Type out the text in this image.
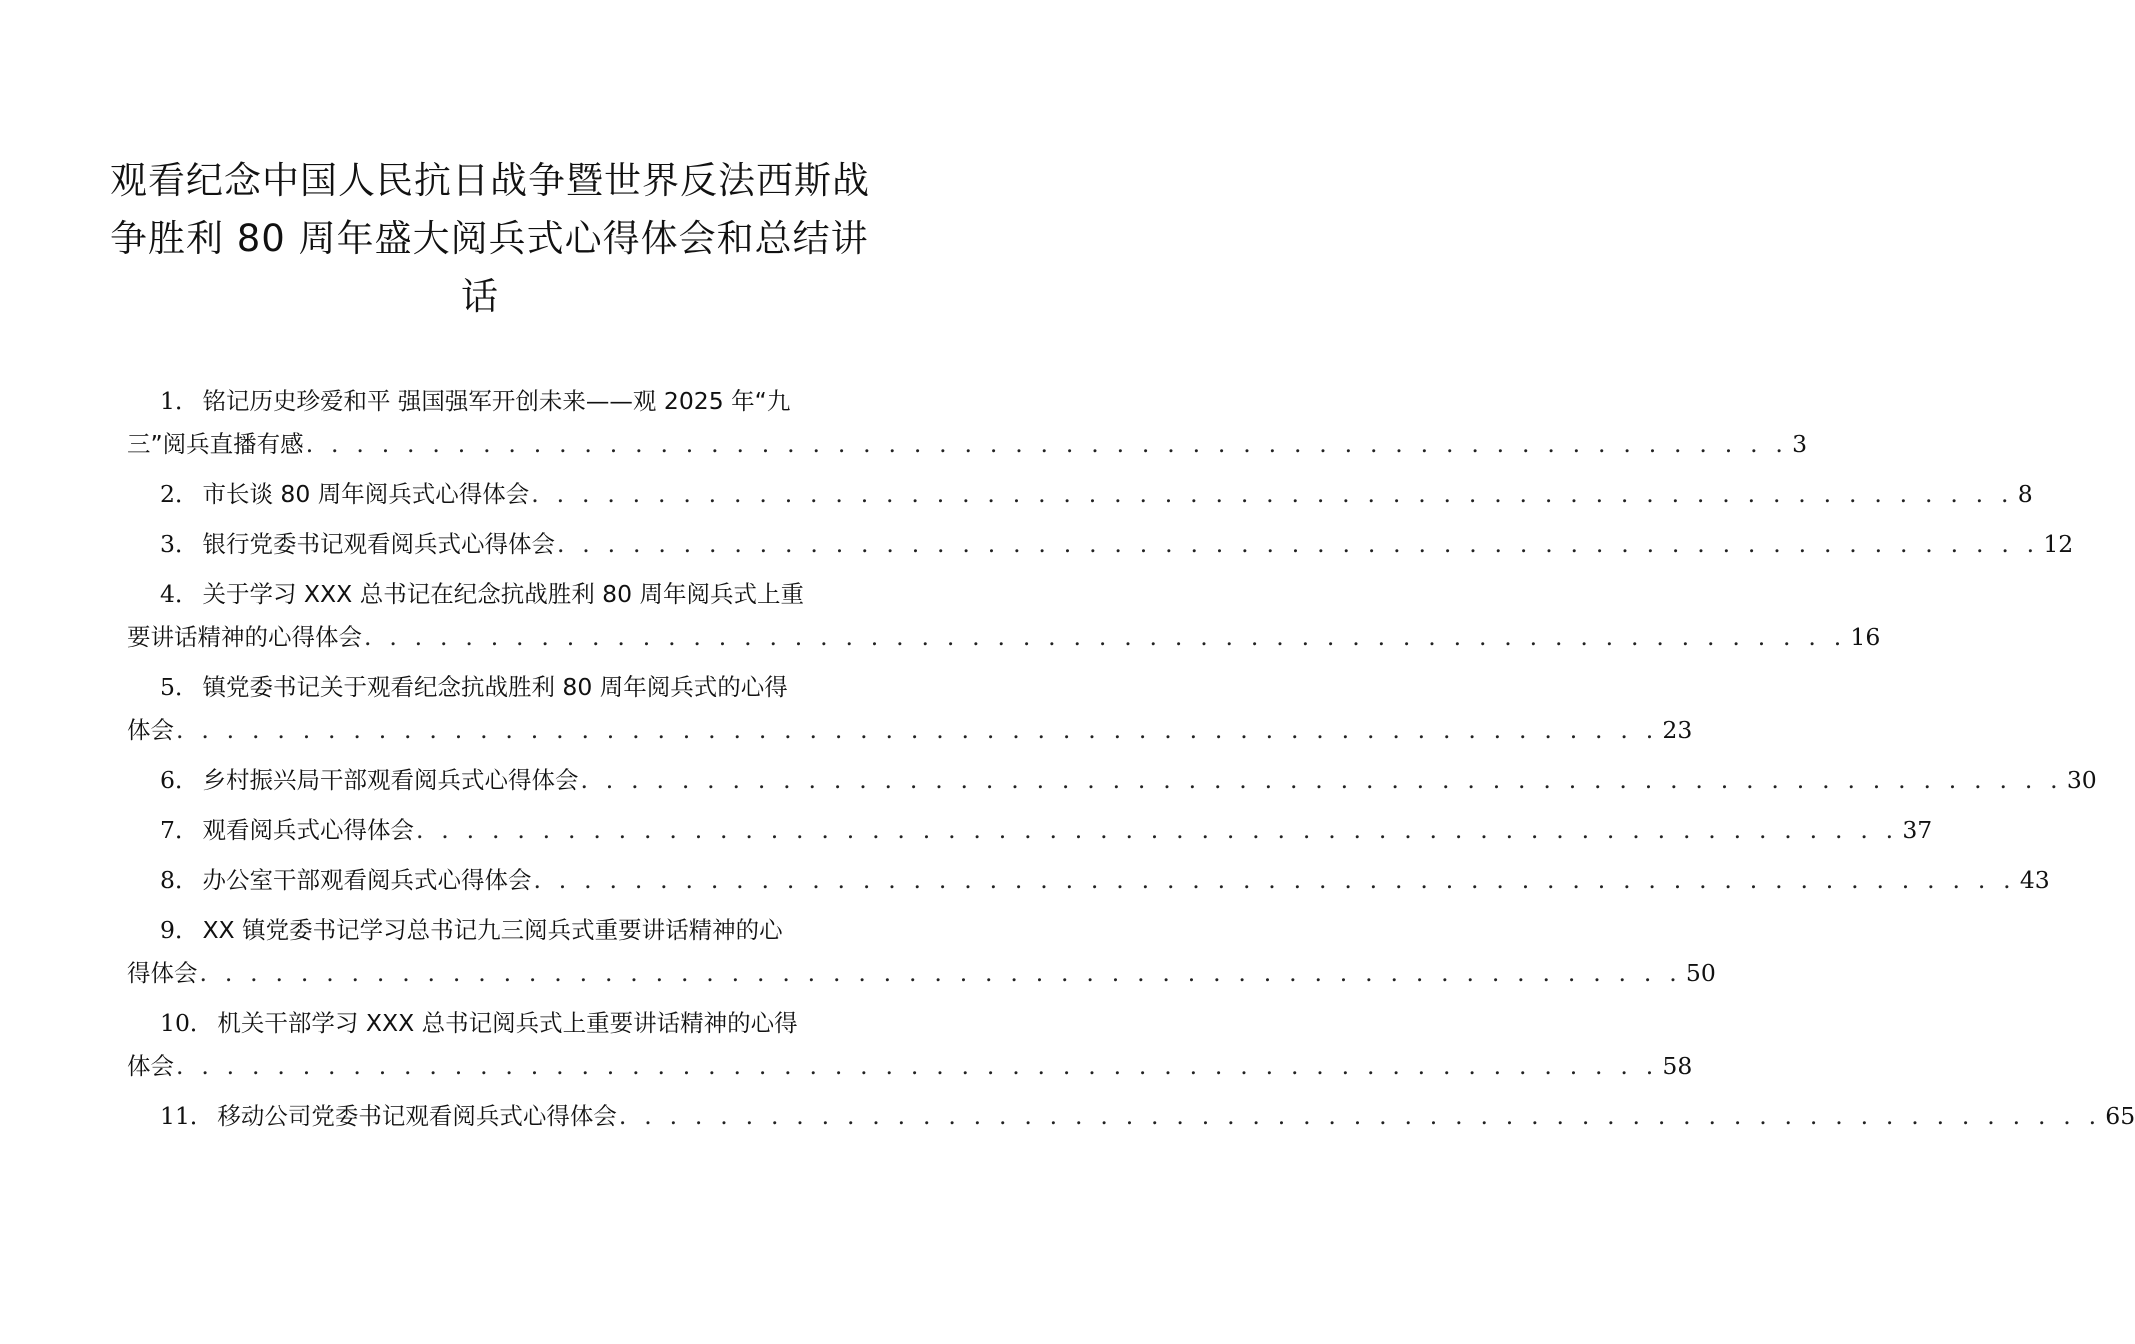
观看纪念中国人民抗日战争暨世界反法西斯战
争胜利 80 周年盛大阅兵式心得体会和总结讲
话
1． 铭记历史珍爱和平 强国强军开创未来——观 2025 年“九
三”阅兵直播有感 . . . . . . . . . . . . . . . . . . . . . . . . . . . . . . . . . . . . . . . . . . . . . . . . . . . . . . . . . . . 3
2． 市长谈 80 周年阅兵式心得体会 . . . . . . . . . . . . . . . . . . . . . . . . . . . . . . . . . . . . . . . . . . . . . . . . . . . . . . . . . . . 8
3． 银行党委书记观看阅兵式心得体会 . . . . . . . . . . . . . . . . . . . . . . . . . . . . . . . . . . . . . . . . . . . . . . . . . . . . . . . . . . . 12
4． 关于学习 XXX 总书记在纪念抗战胜利 80 周年阅兵式上重
要讲话精神的心得体会 . . . . . . . . . . . . . . . . . . . . . . . . . . . . . . . . . . . . . . . . . . . . . . . . . . . . . . . . . . . 16
5． 镇党委书记关于观看纪念抗战胜利 80 周年阅兵式的心得
体会 . . . . . . . . . . . . . . . . . . . . . . . . . . . . . . . . . . . . . . . . . . . . . . . . . . . . . . . . . . . 23
6． 乡村振兴局干部观看阅兵式心得体会 . . . . . . . . . . . . . . . . . . . . . . . . . . . . . . . . . . . . . . . . . . . . . . . . . . . . . . . . . . . 30
7． 观看阅兵式心得体会 . . . . . . . . . . . . . . . . . . . . . . . . . . . . . . . . . . . . . . . . . . . . . . . . . . . . . . . . . . . 37
8． 办公室干部观看阅兵式心得体会 . . . . . . . . . . . . . . . . . . . . . . . . . . . . . . . . . . . . . . . . . . . . . . . . . . . . . . . . . . . 43
9． XX 镇党委书记学习总书记九三阅兵式重要讲话精神的心
得体会 . . . . . . . . . . . . . . . . . . . . . . . . . . . . . . . . . . . . . . . . . . . . . . . . . . . . . . . . . . . 50
10． 机关干部学习 XXX 总书记阅兵式上重要讲话精神的心得
体会 . . . . . . . . . . . . . . . . . . . . . . . . . . . . . . . . . . . . . . . . . . . . . . . . . . . . . . . . . . . 58
11． 移动公司党委书记观看阅兵式心得体会 . . . . . . . . . . . . . . . . . . . . . . . . . . . . . . . . . . . . . . . . . . . . . . . . . . . . . . . . . . . 65
